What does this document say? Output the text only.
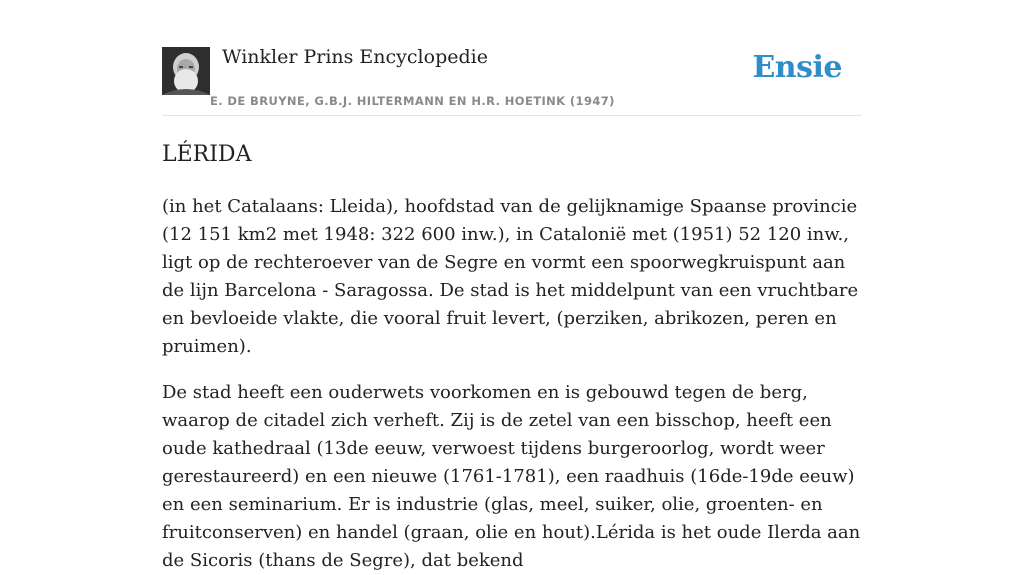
Winkler Prins Encyclopedie
E. DE BRUYNE, G.B.J. HILTERMANN EN H.R. HOETINK (1947)
Ensie
LÉRIDA

(in het Catalaans: Lleida), hoofdstad van de gelijknamige Spaanse provincie (12 151 km2 met 1948: 322 600 inw.), in Catalonië met (1951) 52 120 inw., ligt op de rechteroever van de Segre en vormt een spoorwegkruispunt aan de lijn Barcelona - Saragossa. De stad is het middelpunt van een vruchtbare en bevloeide vlakte, die vooral fruit levert, (perziken, abrikozen, peren en pruimen).

De stad heeft een ouderwets voorkomen en is gebouwd tegen de berg, waarop de citadel zich verheft. Zij is de zetel van een bisschop, heeft een oude kathedraal (13de eeuw, verwoest tijdens burgeroorlog, wordt weer gerestaureerd) en een nieuwe (1761-1781), een raadhuis (16de-19de eeuw) en een seminarium. Er is industrie (glas, meel, suiker, olie, groenten- en fruitconserven) en handel (graan, olie en hout).Lérida is het oude Ilerda aan de Sicoris (thans de Segre), dat bekend
